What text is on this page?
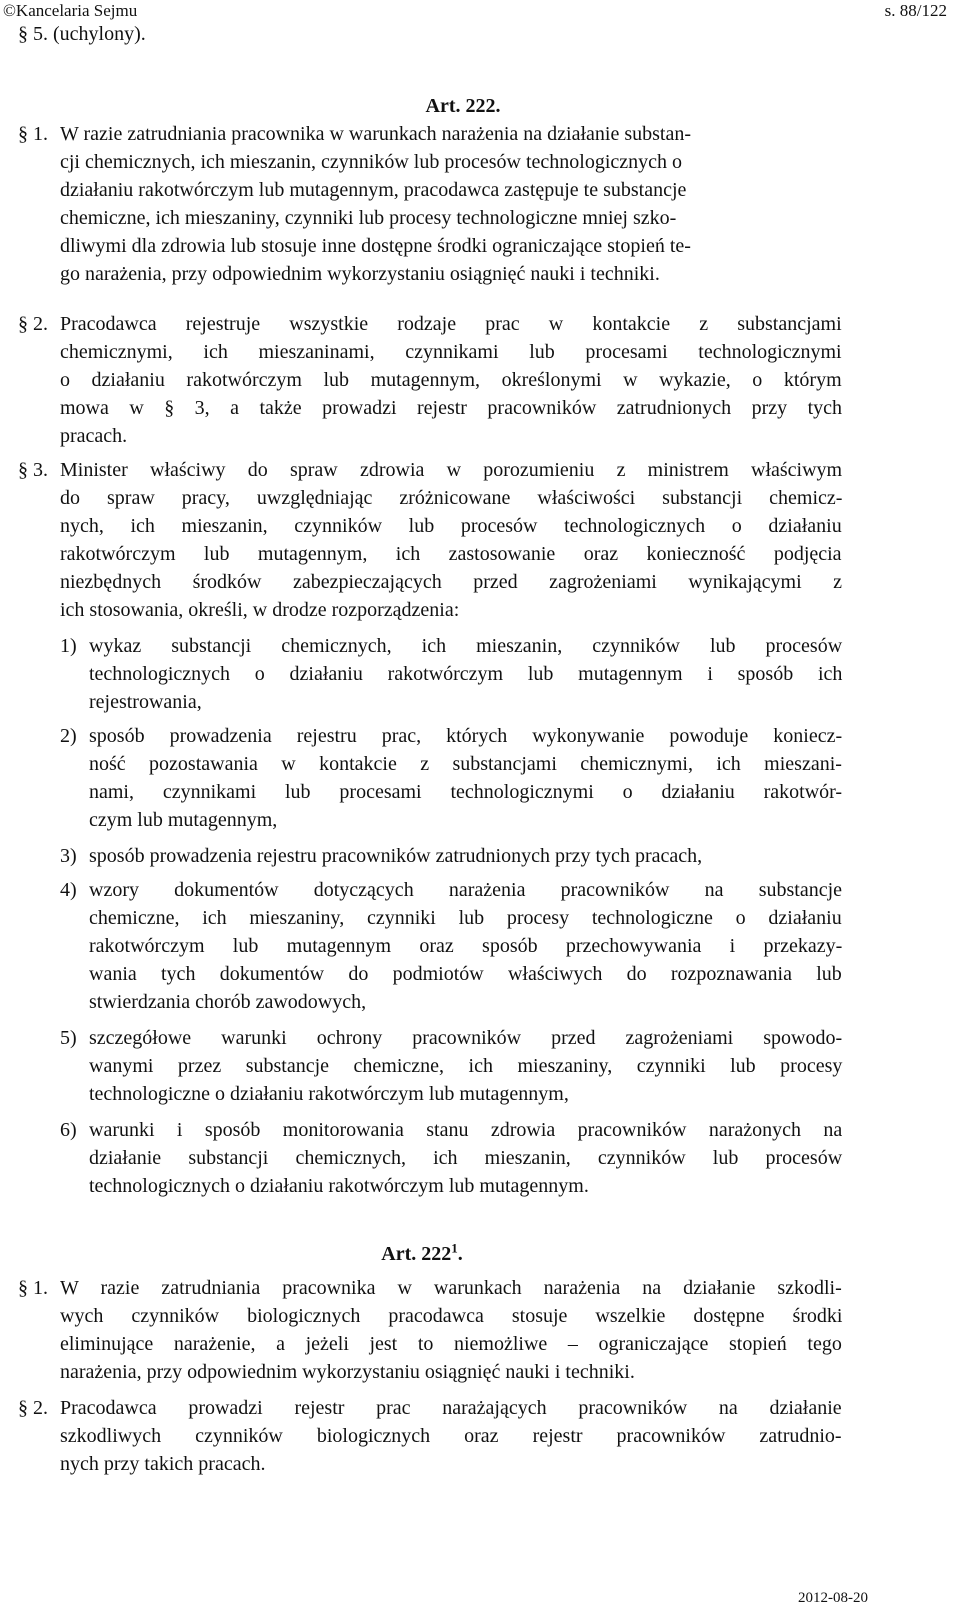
©Kancelaria Sejmu	s. 88/122
§ 5. (uchylony).
Art. 222.
§ 1. W razie zatrudniania pracownika w warunkach narażenia na działanie substan-
cji chemicznych, ich mieszanin, czynników lub procesów technologicznych o
działaniu rakotwórczym lub mutagennym, pracodawca zastępuje te substancje
chemiczne, ich mieszaniny, czynniki lub procesy technologiczne mniej szko-
dliwymi dla zdrowia lub stosuje inne dostępne środki ograniczające stopień te-
go narażenia, przy odpowiednim wykorzystaniu osiągnięć nauki i techniki.
§ 2. Pracodawca rejestruje wszystkie rodzaje prac w kontakcie z substancjami
chemicznymi, ich mieszaninami, czynnikami lub procesami technologicznymi
o działaniu rakotwórczym lub mutagennym, określonymi w wykazie, o którym
mowa w § 3, a także prowadzi rejestr pracowników zatrudnionych przy tych
pracach.
§ 3. Minister właściwy do spraw zdrowia w porozumieniu z ministrem właściwym
do spraw pracy, uwzględniając zróżnicowane właściwości substancji chemicz-
nych, ich mieszanin, czynników lub procesów technologicznych o działaniu
rakotwórczym lub mutagennym, ich zastosowanie oraz konieczność podjęcia
niezbędnych środków zabezpieczających przed zagrożeniami wynikającymi z
ich stosowania, określi, w drodze rozporządzenia:
1) wykaz substancji chemicznych, ich mieszanin, czynników lub procesów
technologicznych o działaniu rakotwórczym lub mutagennym i sposób ich
rejestrowania,
2) sposób prowadzenia rejestru prac, których wykonywanie powoduje koniecz-
ność pozostawania w kontakcie z substancjami chemicznymi, ich mieszani-
nami, czynnikami lub procesami technologicznymi o działaniu rakotwór-
czym lub mutagennym,
3) sposób prowadzenia rejestru pracowników zatrudnionych przy tych pracach,
4) wzory dokumentów dotyczących narażenia pracowników na substancje
chemiczne, ich mieszaniny, czynniki lub procesy technologiczne o działaniu
rakotwórczym lub mutagennym oraz sposób przechowywania i przekazy-
wania tych dokumentów do podmiotów właściwych do rozpoznawania lub
stwierdzania chorób zawodowych,
5) szczegółowe warunki ochrony pracowników przed zagrożeniami spowodo-
wanymi przez substancje chemiczne, ich mieszaniny, czynniki lub procesy
technologiczne o działaniu rakotwórczym lub mutagennym,
6) warunki i sposób monitorowania stanu zdrowia pracowników narażonych na
działanie substancji chemicznych, ich mieszanin, czynników lub procesów
technologicznych o działaniu rakotwórczym lub mutagennym.
Art. $222^1$.
§ 1. W razie zatrudniania pracownika w warunkach narażenia na działanie szkodli-
wych czynników biologicznych pracodawca stosuje wszelkie dostępne środki
eliminujące narażenie, a jeżeli jest to niemożliwe – ograniczające stopień tego
narażenia, przy odpowiednim wykorzystaniu osiągnięć nauki i techniki.
§ 2. Pracodawca prowadzi rejestr prac narażających pracowników na działanie
szkodliwych czynników biologicznych oraz rejestr pracowników zatrudnio-
nych przy takich pracach.
2012-08-20
